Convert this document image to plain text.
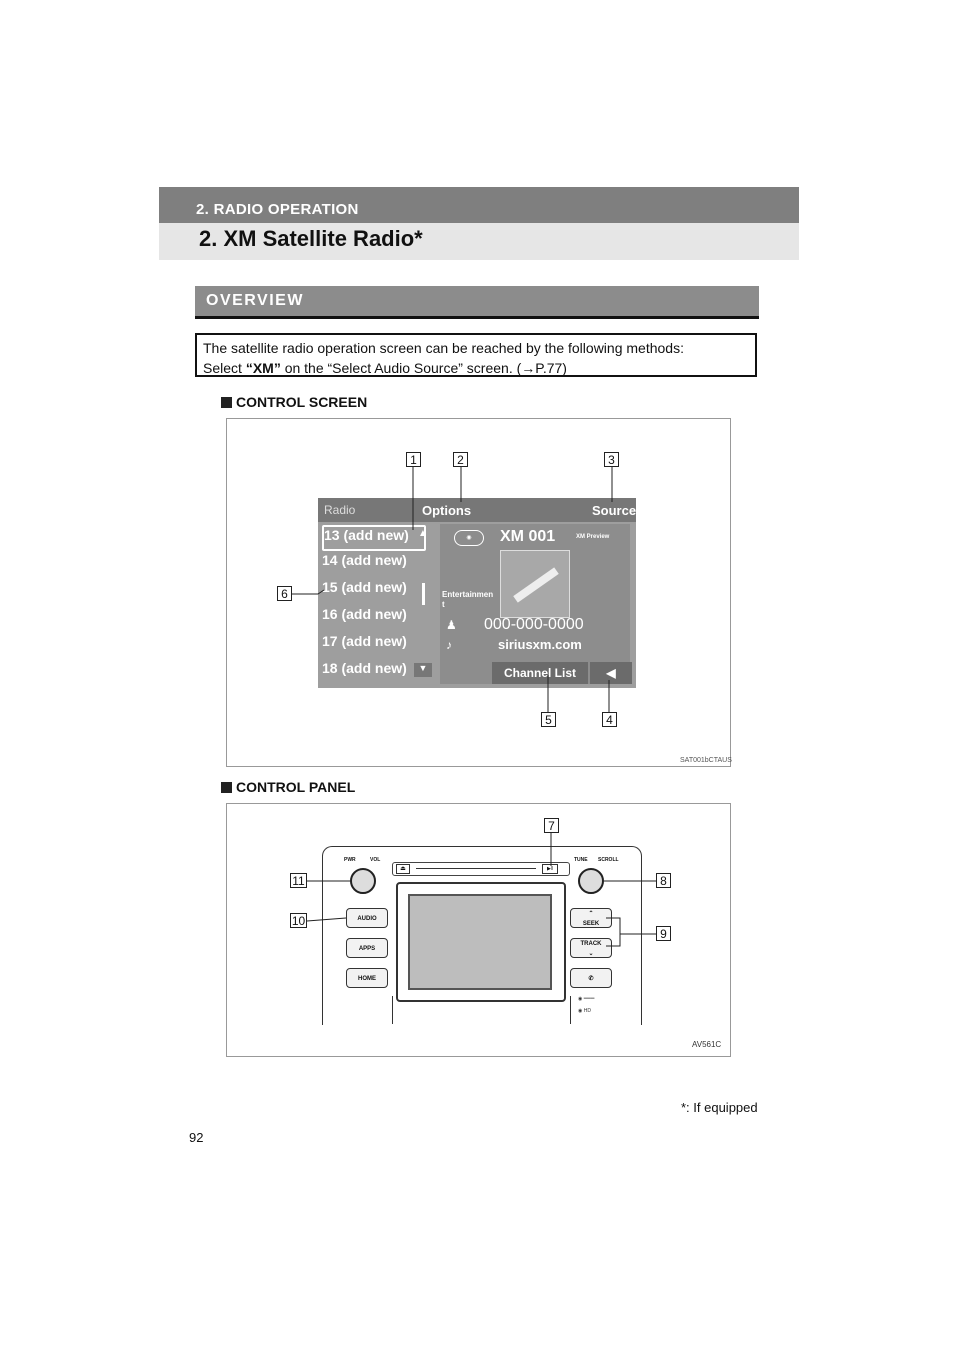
2. RADIO OPERATION
2. XM Satellite Radio*
OVERVIEW
The satellite radio operation screen can be reached by the following methods:
Select “XM” on the “Select Audio Source” screen. (→P.77)
CONTROL SCREEN
Radio	Options	Source
13 (add new)
14 (add new)
15 (add new)
16 (add new)
17 (add new)
18 (add new)
▲
▼
◉	XM 001	XM Preview
Entertainmen t
♟ 000-000-0000
♪	siriusxm.com
Channel List	◀ Sound
1	2	3
4
5
6
SAT001bCTAUS
CONTROL PANEL
⏏	▶‖
PWR	VOL	TUNE SCROLL
AUDIO
APPS
HOME
⌃
SEEK
TRACK
⌄
✆
◉ ═══
◉ HD
7
8
9
10
11
AV561C
*: If equipped
92
